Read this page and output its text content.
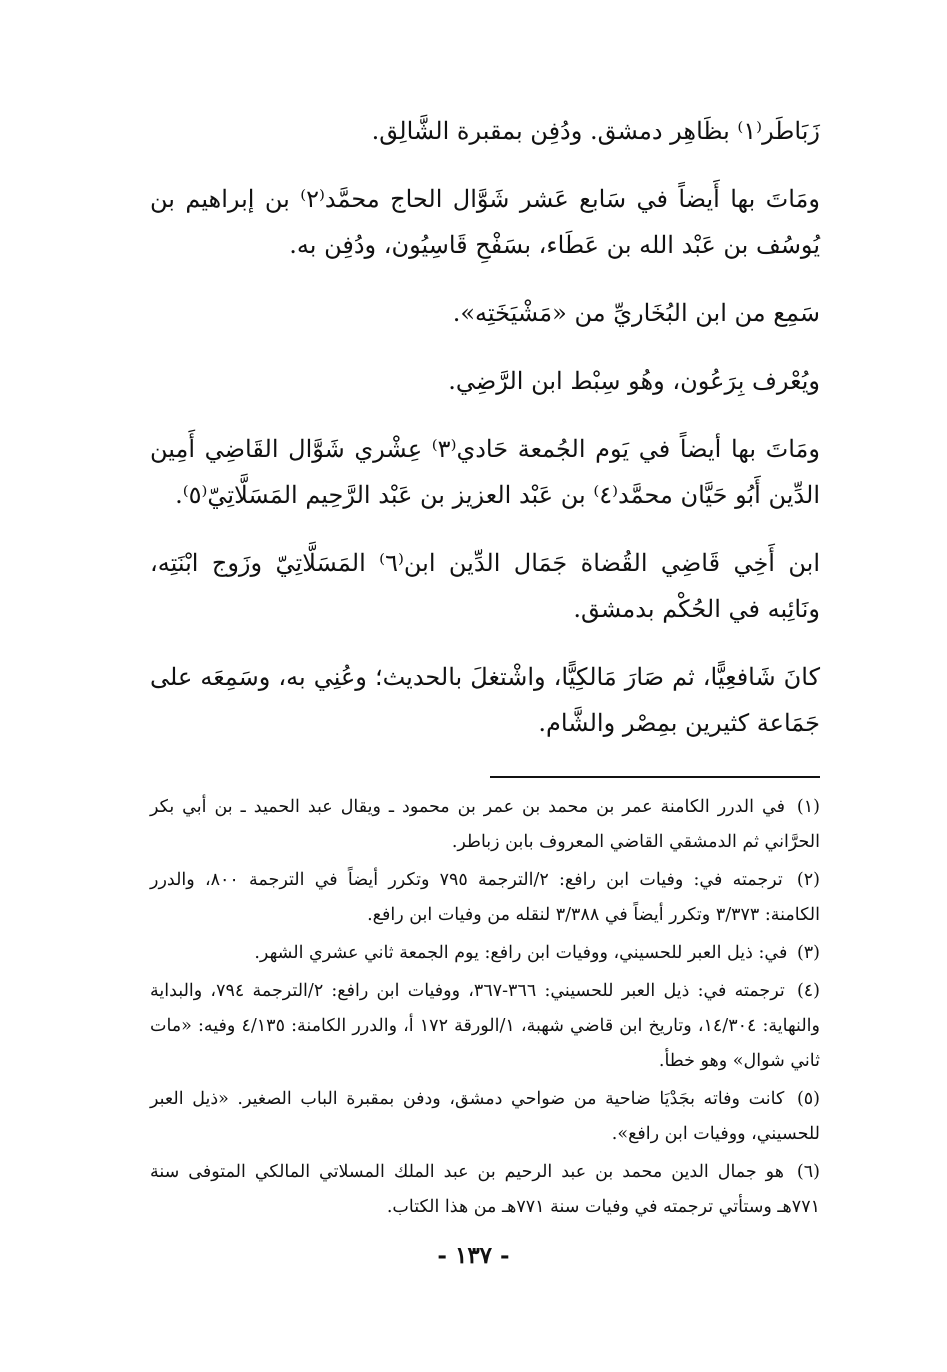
زَبَاطَر⁽١⁾ بظَاهِر دمشق. ودُفِن بمقبرة الشَّالِق.

ومَاتَ بها أَيضاً في سَابع عَشر شَوَّال الحاج محمَّد⁽٢⁾ بن إبراهيم بن يُوسُف بن عَبْد الله بن عَطَاء، بسَفْحِ قَاسِيُون، ودُفِن به.

سَمِع من ابن البُخَاريِّ من «مَشْيَخَتِه».

ويُعْرف بِرَعُون، وهُو سِبْط ابن الرَّضِي.

ومَاتَ بها أيضاً في يَوم الجُمعة حَادي⁽٣⁾ عِشْري شَوَّال القَاضِي أَمِين الدِّين أَبُو حَيَّان محمَّد⁽٤⁾ بن عَبْد العزيز بن عَبْد الرَّحِيم المَسَلَّاتِيّ⁽٥⁾.

ابن أَخِي قَاضِي القُضاة جَمَال الدِّين ابن⁽٦⁾ المَسَلَّاتِيّ وزَوج ابْنَتِه، ونَائِبه في الحُكْم بدمشق.

كانَ شَافعِيًّا، ثم صَارَ مَالكِيًّا، واشْتغلَ بالحديث؛ وعُنِي به، وسَمِعَه على جَمَاعة كثيرين بمِصْر والشَّام.

(١) في الدرر الكامنة عمر بن محمد بن عمر بن محمود ـ ويقال عبد الحميد ـ بن أبي بكر الحرَّاني ثم الدمشقي القاضي المعروف بابن زباطر.

(٢) ترجمته في: وفيات ابن رافع: ٢/الترجمة ٧٩٥ وتكرر أيضاً في الترجمة ٨٠٠، والدرر الكامنة: ٣/٣٧٣ وتكرر أيضاً في ٣/٣٨٨ لنقله من وفيات ابن رافع.

(٣) في: ذيل العبر للحسيني، ووفيات ابن رافع: يوم الجمعة ثاني عشري الشهر.

(٤) ترجمته في: ذيل العبر للحسيني: ٣٦٦-٣٦٧، ووفيات ابن رافع: ٢/الترجمة ٧٩٤، والبداية والنهاية: ١٤/٣٠٤، وتاريخ ابن قاضي شهبة، ١/الورقة ١٧٢ أ، والدرر الكامنة: ٤/١٣٥ وفيه: «مات ثاني شوال» وهو خطأ.

(٥) كانت وفاته بجَدْيَا ضاحية من ضواحي دمشق، ودفن بمقبرة الباب الصغير. «ذيل العبر للحسيني، ووفيات ابن رافع».

(٦) هو جمال الدين محمد بن عبد الرحيم بن عبد الملك المسلاتي المالكي المتوفى سنة ٧٧١هـ وستأتي ترجمته في وفيات سنة ٧٧١هـ من هذا الكتاب.

- ١٣٧ -
